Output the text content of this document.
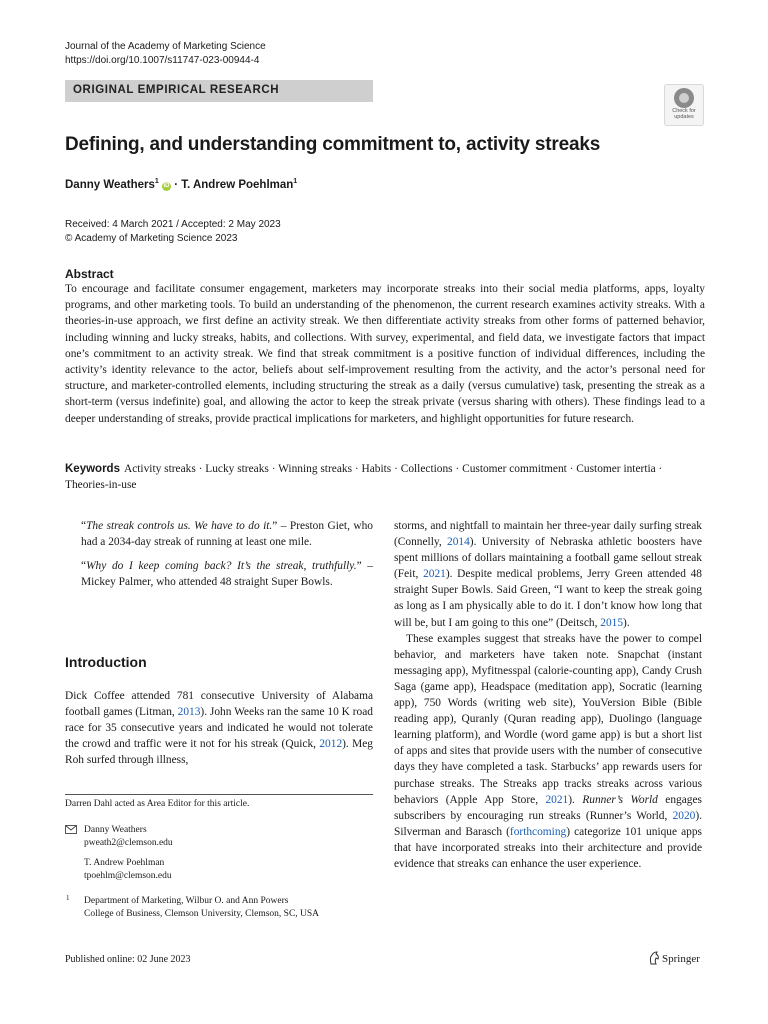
Journal of the Academy of Marketing Science
https://doi.org/10.1007/s11747-023-00944-4
ORIGINAL EMPIRICAL RESEARCH
Check for
updates
Defining, and understanding commitment to, activity streaks
Danny Weathers$^1$ iD · T. Andrew Poehlman$^1$
Received: 4 March 2021 / Accepted: 2 May 2023
© Academy of Marketing Science 2023
Abstract

To encourage and facilitate consumer engagement, marketers may incorporate streaks into their social media platforms, apps, loyalty programs, and other marketing tools. To build an understanding of the phenomenon, the current research examines activity streaks. With a theories-in-use approach, we first define an activity streak. We then differentiate activity streaks from other forms of patterned behavior, including winning and lucky streaks, habits, and collections. With survey, experimental, and field data, we investigate factors that impact one’s commitment to an activity streak. We find that streak commitment is a positive function of individual differences, including the activity’s identity relevance to the actor, beliefs about self-improvement resulting from the activity, and the actor’s personal need for structure, and marketer-controlled elements, including structuring the streak as a daily (versus cumulative) task, presenting the streak as a short-term (versus indefinite) goal, and allowing the actor to keep the streak private (versus sharing with others). These findings lead to a deeper understanding of streaks, provide practical implications for marketers, and highlight opportunities for future research.

Keywords Activity streaks · Lucky streaks · Winning streaks · Habits · Collections · Customer commitment · Customer intertia · Theories-in-use

“The streak controls us. We have to do it.” – Preston Giet, who had a 2034-day streak of running at least one mile.

“Why do I keep coming back? It’s the streak, truthfully.” – Mickey Palmer, who attended 48 straight Super Bowls.

Introduction

Dick Coffee attended 781 consecutive University of Alabama football games (Litman, 2013). John Weeks ran the same 10 K road race for 35 consecutive years and indicated he would not tolerate the crowd and traffic were it not for his streak (Quick, 2012). Meg Roh surfed through illness,

storms, and nightfall to maintain her three-year daily surfing streak (Connelly, 2014). University of Nebraska athletic boosters have spent millions of dollars maintaining a football game sellout streak (Feit, 2021). Despite medical problems, Jerry Green attended 48 straight Super Bowls. Said Green, “I want to keep the streak going as long as I am physically able to do it. I don’t know how long that will be, but I am going to this one” (Deitsch, 2015).

These examples suggest that streaks have the power to compel behavior, and marketers have taken note. Snapchat (instant messaging app), Myfitnesspal (calorie-counting app), Candy Crush Saga (game app), Headspace (meditation app), Socratic (learning app), 750 Words (writing web site), YouVersion Bible (Bible reading app), Quranly (Quran reading app), Duolingo (language learning platform), and Wordle (word game app) is but a short list of apps and sites that provide users with the number of consecutive days they have completed a task. Starbucks’ app rewards users for purchase streaks. The Streaks app tracks streaks across various behaviors (Apple App Store, 2021). Runner’s World engages subscribers by encouraging run streaks (Runner’s World, 2020). Silverman and Barasch (forthcoming) categorize 101 unique apps that have incorporated streaks into their architecture and provide evidence that streaks can enhance the user experience.

Darren Dahl acted as Area Editor for this article.
Danny Weathers
pweath2@clemson.edu
T. Andrew Poehlman
tpoehlm@clemson.edu
1 Department of Marketing, Wilbur O. and Ann Powers
College of Business, Clemson University, Clemson, SC, USA
Published online: 02 June 2023	Springer
